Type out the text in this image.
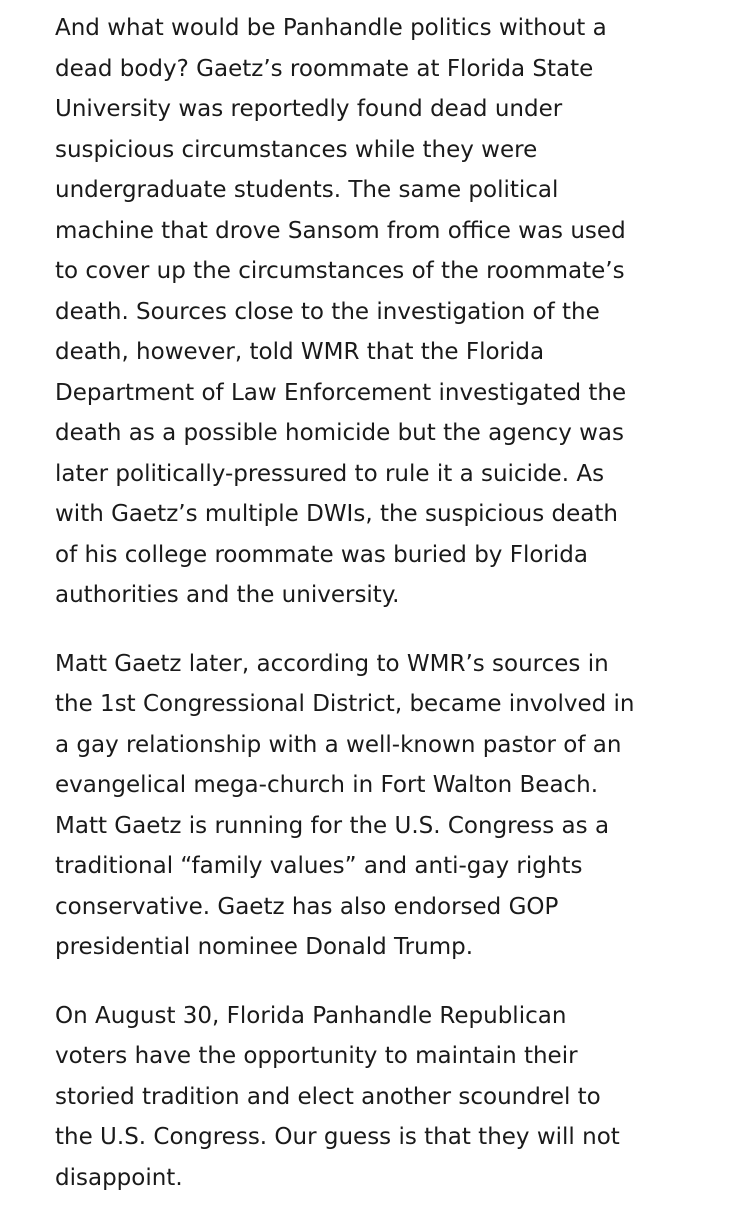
And what would be Panhandle politics without a
dead body? Gaetz’s roommate at Florida State
University was reportedly found dead under
suspicious circumstances while they were
undergraduate students. The same political
machine that drove Sansom from office was used
to cover up the circumstances of the roommate’s
death. Sources close to the investigation of the
death, however, told WMR that the Florida
Department of Law Enforcement investigated the
death as a possible homicide but the agency was
later politically-pressured to rule it a suicide. As
with Gaetz’s multiple DWIs, the suspicious death
of his college roommate was buried by Florida
authorities and the university.

Matt Gaetz later, according to WMR’s sources in
the 1st Congressional District, became involved in
a gay relationship with a well-known pastor of an
evangelical mega-church in Fort Walton Beach.
Matt Gaetz is running for the U.S. Congress as a
traditional “family values” and anti-gay rights
conservative. Gaetz has also endorsed GOP
presidential nominee Donald Trump.

On August 30, Florida Panhandle Republican
voters have the opportunity to maintain their
storied tradition and elect another scoundrel to
the U.S. Congress. Our guess is that they will not
disappoint.
